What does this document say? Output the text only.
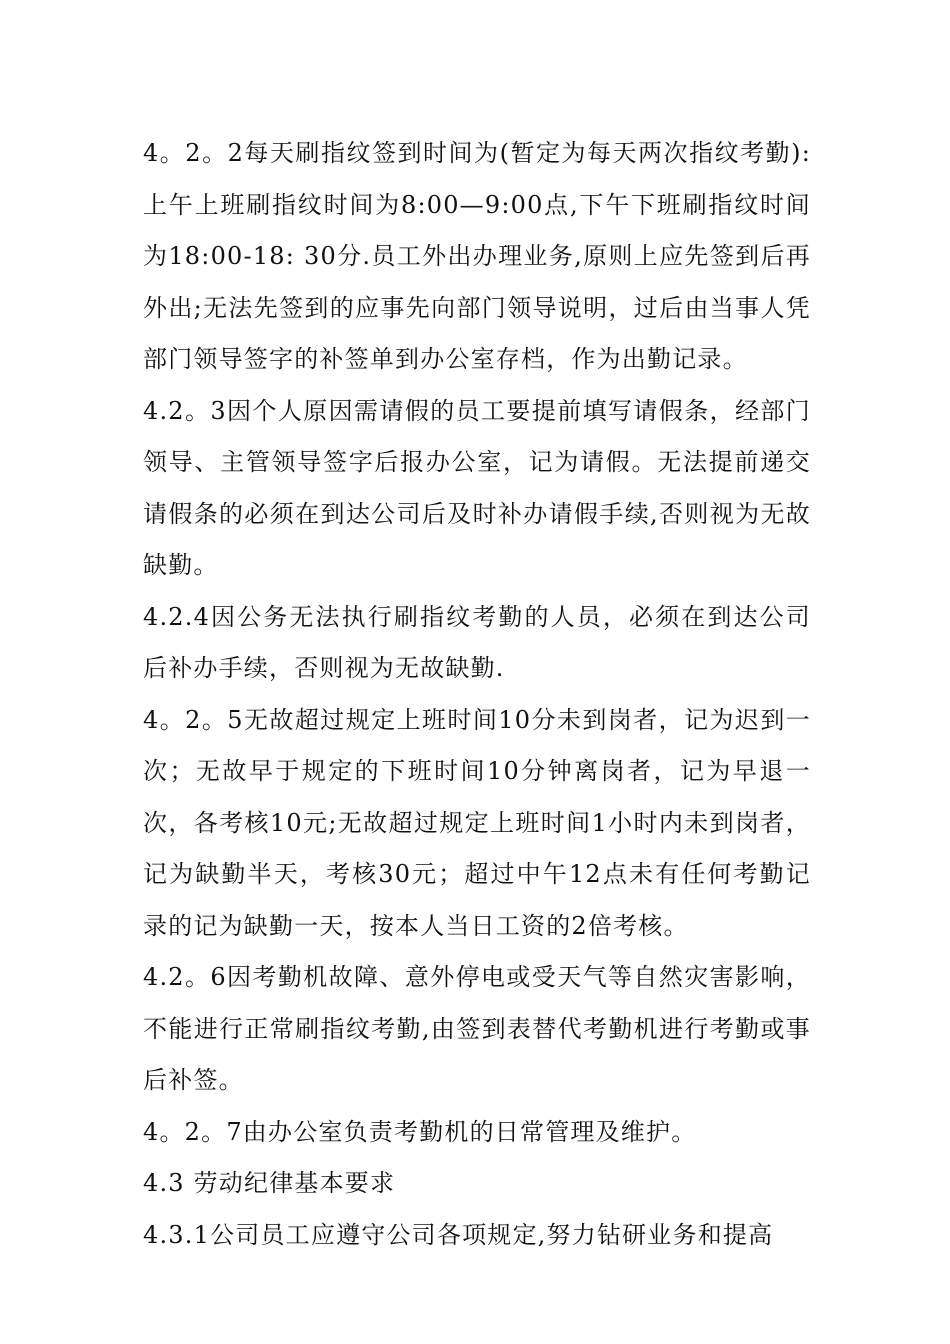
4。2。2每天刷指纹签到时间为(暂定为每天两次指纹考勤):上午上班刷指纹时间为8:00—9:00点,下午下班刷指纹时间为18:00-18: 30分.员工外出办理业务,原则上应先签到后再外出;无法先签到的应事先向部门领导说明，过后由当事人凭部门领导签字的补签单到办公室存档，作为出勤记录。

4.2。3因个人原因需请假的员工要提前填写请假条，经部门领导、主管领导签字后报办公室，记为请假。无法提前递交请假条的必须在到达公司后及时补办请假手续,否则视为无故缺勤。

4.2.4因公务无法执行刷指纹考勤的人员，必须在到达公司后补办手续，否则视为无故缺勤.

4。2。5无故超过规定上班时间10分未到岗者，记为迟到一次；无故早于规定的下班时间10分钟离岗者，记为早退一次，各考核10元;无故超过规定上班时间1小时内未到岗者，记为缺勤半天，考核30元；超过中午12点未有任何考勤记录的记为缺勤一天，按本人当日工资的2倍考核。

4.2。6因考勤机故障、意外停电或受天气等自然灾害影响，不能进行正常刷指纹考勤,由签到表替代考勤机进行考勤或事后补签。

4。2。7由办公室负责考勤机的日常管理及维护。

4.3 劳动纪律基本要求

4.3.1公司员工应遵守公司各项规定,努力钻研业务和提高
